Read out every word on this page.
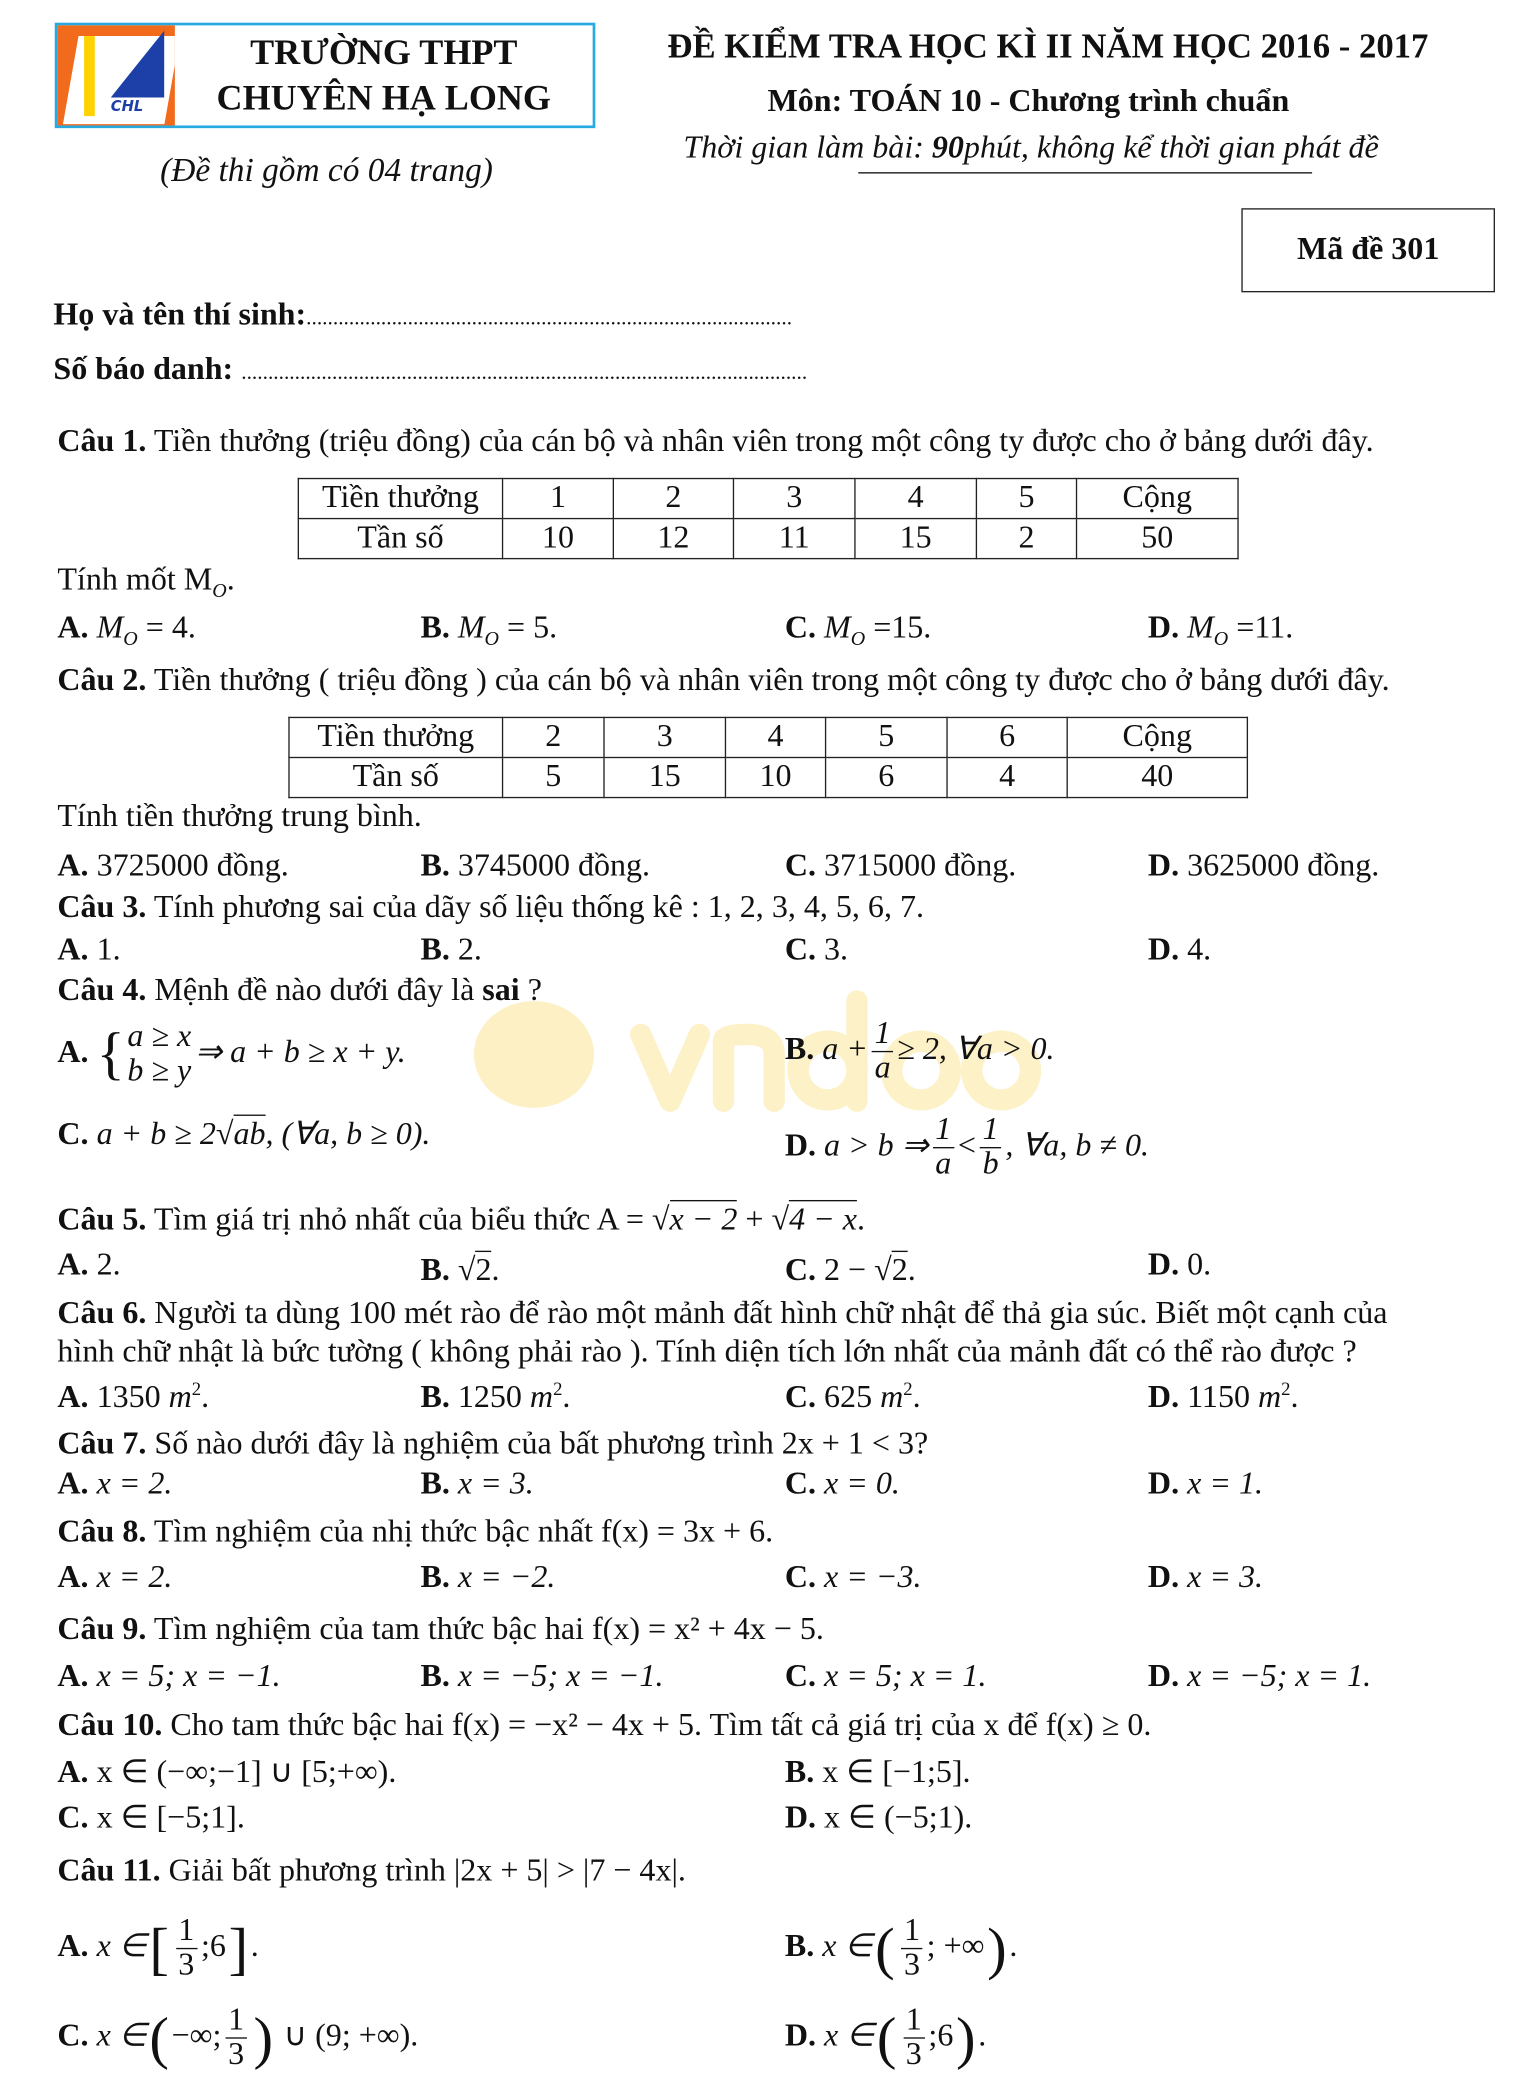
CHL
TRƯỜNG THPT
CHUYÊN HẠ LONG
(Đề thi gồm có 04 trang)
ĐỀ KIỂM TRA HỌC KÌ II NĂM HỌC 2016 - 2017
Môn: TOÁN 10 - Chương trình chuẩn
Thời gian làm bài: 90phút, không kể thời gian phát đề
Mã đề 301
Họ và tên thí sinh:...........................................................................................
Số báo danh: ..........................................................................................................
Câu 1. Tiền thưởng (triệu đồng) của cán bộ và nhân viên trong một công ty được cho ở bảng dưới đây.
Tiền thưởng	1	2	3	4	5	Cộng
Tần số	10	12	11	15	2	50
Tính mốt $M_O$.
A. $M_O = 4$.	B. $M_O = 5$.	C. $M_O =15$.	D. $M_O =11$.
Câu 2. Tiền thưởng ( triệu đồng ) của cán bộ và nhân viên trong một công ty được cho ở bảng dưới đây.
Tiền thưởng	2	3	4	5	6	Cộng
Tần số	5	15	10	6	4	40
Tính tiền thưởng trung bình.
A. 3725000 đồng.	B. 3745000 đồng.	C. 3715000 đồng.	D. 3625000 đồng.
Câu 3. Tính phương sai của dãy số liệu thống kê : 1, 2, 3, 4, 5, 6, 7.
A. 1.	B. 2.	C. 3.	D. 4.
Câu 4. Mệnh đề nào dưới đây là sai ?
A. { a ≥ x
b ≥ y
⇒ a + b ≥ x + y.	B. $a + \frac{1}{a} \ge 2$, ∀a > 0.
C. a + b ≥ 2√ab, (∀a, b ≥ 0).	D. a > b ⇒ $\frac{1}{a} < \frac{1}{b}$ , ∀a, b ≠ 0.
Câu 5. Tìm giá trị nhỏ nhất của biểu thức A = √x − 2 + √4 − x.
A. 2.	B. √2.	C. 2 − √2.	D. 0.
Câu 6. Người ta dùng 100 mét rào để rào một mảnh đất hình chữ nhật để thả gia súc. Biết một cạnh của
hình chữ nhật là bức tường ( không phải rào ). Tính diện tích lớn nhất của mảnh đất có thể rào được ?
A. 1350 $m^2$.	B. 1250 $m^2$.	C. 625 $m^2$.	D. 1150 $m^2$.
Câu 7. Số nào dưới đây là nghiệm của bất phương trình 2x + 1 < 3?
A. x = 2.	B. x = 3.	C. x = 0.	D. x = 1.
Câu 8. Tìm nghiệm của nhị thức bậc nhất f(x) = 3x + 6.
A. x = 2.	B. x = −2.	C. x = −3.	D. x = 3.
Câu 9. Tìm nghiệm của tam thức bậc hai f(x) = x² + 4x − 5.
A. x = 5; x = −1.	B. x = −5; x = −1.	C. x = 5; x = 1.	D. x = −5; x = 1.
Câu 10. Cho tam thức bậc hai f(x) = −x² − 4x + 5. Tìm tất cả giá trị của x để f(x) ≥ 0.
A. x ∈ (−∞;−1] ∪ [5;+∞).	B. x ∈ [−1;5].
C. x ∈ [−5;1].	D. x ∈ (−5;1).
Câu 11. Giải bất phương trình |2x + 5| > |7 − 4x|.
A. x ∈[ $\frac{1}{3}$ ;6] .	B. x ∈( $\frac{1}{3}$ ; +∞) .
C. x ∈( −∞; $\frac{1}{3}$ ) ∪ (9; +∞).	D. x ∈( $\frac{1}{3}$ ;6) .
